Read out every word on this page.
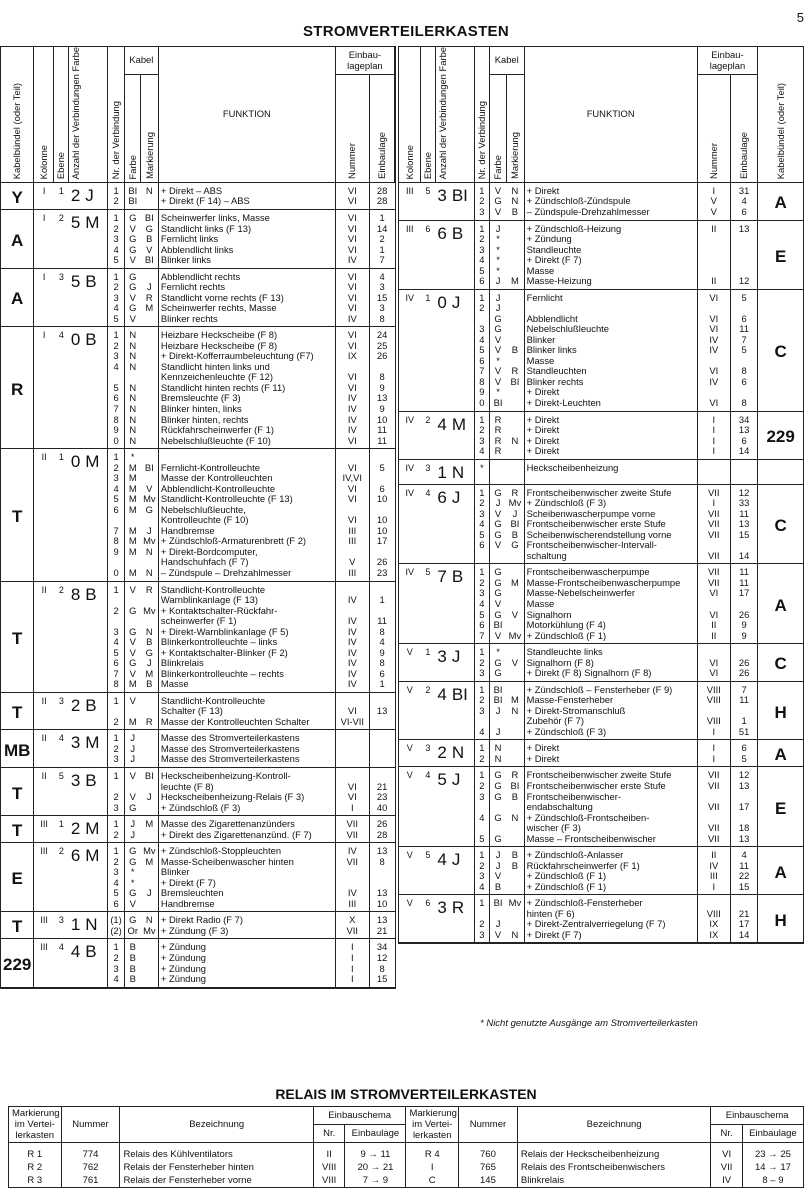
5
STROMVERTEILERKASTEN
Kabelbündel (oder Teil)	Kolonne	Ebene	Anzahl der Verbindungen Farbe	Nr. der Verbindung	Kabel		FUNKTION	Einbau-lageplan	
					Farbe	Markierung		Nummer	Einbaulage
Y	I	1	2 J	1	BI	N	+ Direkt – ABS	VI	28
				2	BI		+ Direkt (F 14) – ABS	VI	28
A	I	2	5 M	1	G	BI	Scheinwerfer links, Masse	VI	1
				2	V	G	Standlicht links (F 13)	VI	14
				3	G	B	Fernlicht links	VI	2
				4	G	V	Abblendlicht links	VI	1
				5	V	BI	Blinker links	IV	7
A	I	3	5 B	1	G		Abblendlicht rechts	VI	4
				2	G	J	Fernlicht rechts	VI	3
				3	V	R	Standlicht vorne rechts (F 13)	VI	15
				4	G	M	Scheinwerfer rechts, Masse	VI	3
				5	V		Blinker rechts	IV	8
R	I	4	0 B	1	N		Heizbare Heckscheibe (F 8)	VI	24
				2	N		Heizbare Heckscheibe (F 8)	VI	25
				3	N		+ Direkt-Kofferraumbeleuchtung (F7)	IX	26
				4	N		Standlicht hinten links und		
							Kennzeichenleuchte (F 12)	VI	8
				5	N		Standlicht hinten rechts (F 11)	VI	9
				6	N		Bremsleuchte (F 3)	IV	13
				7	N		Blinker hinten, links	IV	9
				8	N		Blinker hinten, rechts	IV	10
				9	N		Rückfahrscheinwerfer (F 1)	IV	11
				0	N		Nebelschlußleuchte (F 10)	VI	11
T	II	1	0 M	1	*				
				2	M	BI	Fernlicht-Kontrolleuchte	VI	5
				3	M		Masse der Kontrolleuchten	IV,VI	
				4	M	V	Abblendlicht-Kontrolleuchte	VI	6
				5	M	Mv	Standlicht-Kontrolleuchte (F 13)	VI	10
				6	M	G	Nebelschlußleuchte,		
							Kontrolleuchte (F 10)	VI	10
				7	M	J	Handbremse	III	10
				8	M	Mv	+ Zündschloß-Armaturenbrett (F 2)	III	17
				9	M	N	+ Direkt-Bordcomputer,		
							Handschuhfach (F 7)	V	26
				0	M	N	– Zündspule – Drehzahlmesser	III	23
T	II	2	8 B	1	V	R	Standlicht-Kontrolleuchte		
							Warnblinkanlage (F 13)	IV	1
				2	G	Mv	+ Kontaktschalter-Rückfahr-		
							scheinwerfer (F 1)	IV	11
				3	G	N	+ Direkt-Warnblinkanlage (F 5)	IV	8
				4	V	B	Blinkerkontrolleuchte – links	IV	4
				5	V	G	+ Kontaktschalter-Blinker (F 2)	IV	9
				6	G	J	Blinkrelais	IV	8
				7	V	M	Blinkerkontrolleuchte – rechts	IV	6
				8	M	B	Masse	IV	1
T	II	3	2 B	1	V		Standlicht-Kontrolleuchte		
							Schalter (F 13)	VI	13
				2	M	R	Masse der Kontrolleuchten Schalter	VI-VII	
MB	II	4	3 M	1	J		Masse des Stromverteilerkastens		
				2	J		Masse des Stromverteilerkastens		
				3	J		Masse des Stromverteilerkastens		
T	II	5	3 B	1	V	BI	Heckscheibenheizung-Kontroll-		
							leuchte (F 8)	VI	21
				2	V	J	Heckscheibenheizung-Relais (F 3)	VI	23
				3	G		+ Zündschloß (F 3)	I	40
T	III	1	2 M	1	J	M	Masse des Zigarettenanzünders	VII	26
				2	J		+ Direkt des Zigarettenanzünd. (F 7)	VII	28
E	III	2	6 M	1	G	Mv	+ Zündschloß-Stoppleuchten	IV	13
				2	G	M	Masse-Scheibenwascher hinten	VII	8
				3	*		Blinker		
				4	*		+ Direkt (F 7)		
				5	G	J	Bremsleuchten	IV	13
				6	V		Handbremse	III	10
T	III	3	1 N	(1)	G	N	+ Direkt Radio (F 7)	X	13
				(2)	Or	Mv	+ Zündung (F 3)	VII	21
229	III	4	4 B	1	B		+ Zündung	I	34
				2	B		+ Zündung	I	12
				3	B		+ Zündung	I	8
				4	B		+ Zündung	I	15
Kolonne	Ebene	Anzahl der Verbindungen Farbe	Nr. der Verbindung	Kabel		FUNKTION	Einbau-lageplan		Kabelbündel (oder Teil)
				Farbe	Markierung		Nummer	Einbaulage	
III	5	3 BI	1	V	N	+ Direkt	I	31	A
			2	G	N	+ Zündschloß-Zündspule	V	4	
			3	V	B	– Zündspule-Drehzahlmesser	V	6	
III	6	6 B	1	J		+ Zündschloß-Heizung	II	13	E
			2	*		+ Zündung			
			3	*		Standleuchte			
			4	*		+ Direkt (F 7)			
			5	*		Masse			
			6	J	M	Masse-Heizung	II	12	
IV	1	0 J	1	J		Fernlicht	VI	5	C
			2	J					
				G		Abblendlicht	VI	6	
			3	G		Nebelschlußleuchte	VI	11	
			4	V		Blinker	IV	7	
			5	V	B	Blinker links	IV	5	
			6	*		Masse			
			7	V	R	Standleuchten	VI	8	
			8	V	BI	Blinker rechts	IV	6	
			9	*		+ Direkt			
			0	BI		+ Direkt-Leuchten	VI	8	
IV	2	4 M	1	R		+ Direkt	I	34	229
			2	R		+ Direkt	I	13	
			3	R	N	+ Direkt	I	6	
			4	R		+ Direkt	I	14	
IV	3	1 N	*			Heckscheibenheizung			
IV	4	6 J	1	G	R	Frontscheibenwischer zweite Stufe	VII	12	C
			2	J	Mv	+ Zündschloß (F 3)	I	33	
			3	V	J	Scheibenwascherpumpe vorne	VII	11	
			4	G	BI	Frontscheibenwischer erste Stufe	VII	13	
			5	G	B	Scheibenwischerendstellung vorne	VII	15	
			6	V	G	Frontscheibenwischer-Intervall-			
						schaltung	VII	14	
IV	5	7 B	1	G		Frontscheibenwascherpumpe	VII	11	A
			2	G	M	Masse-Frontscheibenwascherpumpe	VII	11	
			3	G		Masse-Nebelscheinwerfer	VI	17	
			4	V		Masse			
			5	G	V	Signalhorn	VI	26	
			6	BI		Motorkühlung (F 4)	II	9	
			7	V	Mv	+ Zündschloß (F 1)	II	9	
V	1	3 J	1	*		Standleuchte links			C
			2	G	V	Signalhorn (F 8)	VI	26	
			3	G		+ Direkt (F 8) Signalhorn (F 8)	VI	26	
V	2	4 BI	1	BI		+ Zündschloß – Fensterheber (F 9)	VIII	7	H
			2	BI	M	Masse-Fensterheber	VIII	11	
			3	J	N	+ Direkt-Stromanschluß			
						Zubehör (F 7)	VIII	1	
			4	J		+ Zündschloß (F 3)	I	51	
V	3	2 N	1	N		+ Direkt	I	6	A
			2	N		+ Direkt	I	5	
V	4	5 J	1	G	R	Frontscheibenwischer zweite Stufe	VII	12	E
			2	G	BI	Frontscheibenwischer erste Stufe	VII	13	
			3	G	B	Frontscheibenwischer-			
						endabschaltung	VII	17	
			4	G	N	+ Zündschloß-Frontscheiben-			
						wischer (F 3)	VII	18	
			5	G		Masse – Frontscheibenwischer	VII	13	
V	5	4 J	1	J	B	+ Zündschloß-Anlasser	II	4	A
			2	J	B	Rückfahrscheinwerfer (F 1)	IV	11	
			3	V		+ Zündschloß (F 1)	III	22	
			4	B		+ Zündschloß (F 1)	I	15	
V	6	3 R	1	BI	Mv	+ Zündschloß-Fensterheber			H
						hinten (F 6)	VIII	21	
			2	J		+ Direkt-Zentralverriegelung (F 7)	IX	17	
			3	V	N	+ Direkt (F 7)	IX	14	
* Nicht genutzte Ausgänge am Stromverteilerkasten
RELAIS IM STROMVERTEILERKASTEN
Markierung im Vertei-lerkasten	Nummer	Bezeichnung	Einbauschema		Markierung im Vertei-lerkasten	Nummer	Bezeichnung	Einbauschema	
			Nr.	Einbaulage				Nr.	Einbaulage
R 1	774	Relais des Kühlventilators	II	9 → 11	R 4	760	Relais der Heckscheibenheizung	VI	23 → 25
R 2	762	Relais der Fensterheber hinten	VIII	20 → 21	I	765	Relais des Frontscheibenwischers	VII	14 → 17
R 3	761	Relais der Fensterheber vorne	VIII	7 → 9	C	145	Blinkrelais	IV	8 – 9
